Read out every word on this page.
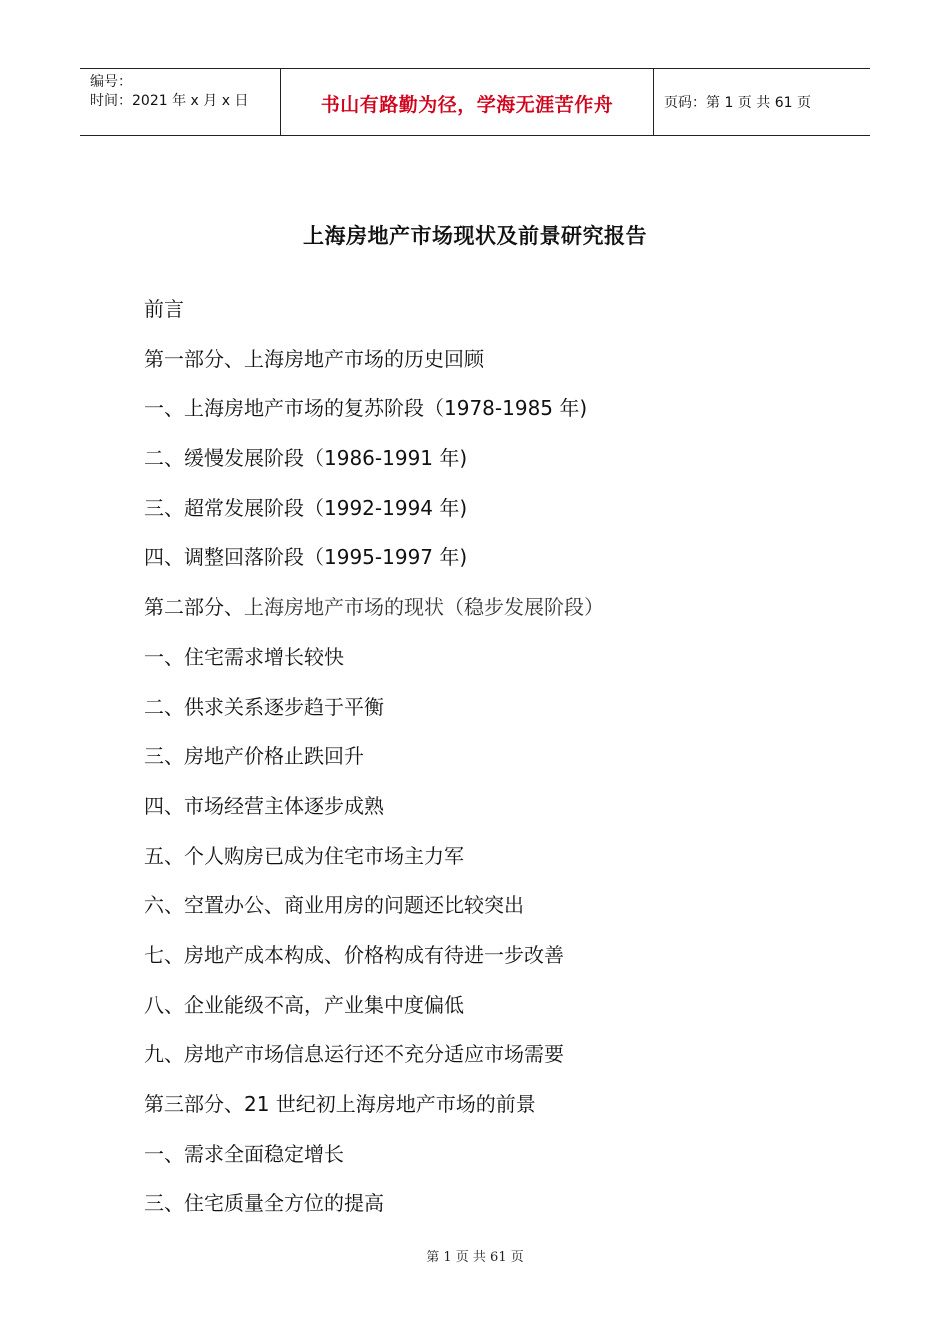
编号：
时间：2021 年 x 月 x 日	书山有路勤为径，学海无涯苦作舟	页码：第 1 页 共 61 页
上海房地产市场现状及前景研究报告
前言
第一部分、上海房地产市场的历史回顾
一、上海房地产市场的复苏阶段（1978-1985 年)
二、缓慢发展阶段（1986-1991 年)
三、超常发展阶段（1992-1994 年)
四、调整回落阶段（1995-1997 年)
第二部分、上海房地产市场的现状（稳步发展阶段）
一、住宅需求增长较快
二、供求关系逐步趋于平衡
三、房地产价格止跌回升
四、市场经营主体逐步成熟
五、个人购房已成为住宅市场主力军
六、空置办公、商业用房的问题还比较突出
七、房地产成本构成、价格构成有待进一步改善
八、企业能级不高，产业集中度偏低
九、房地产市场信息运行还不充分适应市场需要
第三部分、21 世纪初上海房地产市场的前景
一、需求全面稳定增长
三、住宅质量全方位的提高
第 1 页 共 61 页
